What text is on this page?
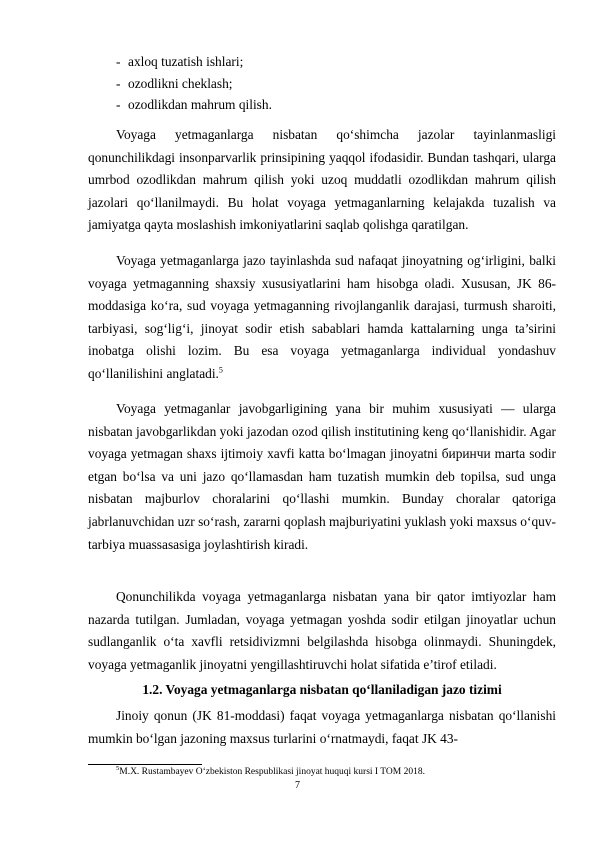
- axloq tuzatish ishlari;
- ozodlikni cheklash;
- ozodlikdan mahrum qilish.
Voyaga yetmaganlarga nisbatan qo‘shimcha jazolar tayinlanmasligi qonunchilikdagi insonparvarlik prinsipining yaqqol ifodasidir. Bundan tashqari, ularga umrbod ozodlikdan mahrum qilish yoki uzoq muddatli ozodlikdan mahrum qilish jazolari qo‘llanilmaydi. Bu holat voyaga yetmaganlarning kelajakda tuzalish va jamiyatga qayta moslashish imkoniyatlarini saqlab qolishga qaratilgan.
Voyaga yetmaganlarga jazo tayinlashda sud nafaqat jinoyatning og‘irligini, balki voyaga yetmaganning shaxsiy xususiyatlarini ham hisobga oladi. Xususan, JK 86-moddasiga ko‘ra, sud voyaga yetmaganning rivojlanganlik darajasi, turmush sharoiti, tarbiyasi, sog‘lig‘i, jinoyat sodir etish sabablari hamda kattalarning unga ta’sirini inobatga olishi lozim. Bu esa voyaga yetmaganlarga individual yondashuv qo‘llanilishini anglatadi.$^5$
Voyaga yetmaganlar javobgarligining yana bir muhim xususiyati — ularga nisbatan javobgarlikdan yoki jazodan ozod qilish institutining keng qo‘llanishidir. Agar voyaga yetmagan shaxs ijtimoiy xavfi katta bo‘lmagan jinoyatni биринчи marta sodir etgan bo‘lsa va uni jazo qo‘llamasdan ham tuzatish mumkin deb topilsa, sud unga nisbatan majburlov choralarini qo‘llashi mumkin. Bunday choralar qatoriga jabrlanuvchidan uzr so‘rash, zararni qoplash majburiyatini yuklash yoki maxsus o‘quv-tarbiya muassasasiga joylashtirish kiradi.
Qonunchilikda voyaga yetmaganlarga nisbatan yana bir qator imtiyozlar ham nazarda tutilgan. Jumladan, voyaga yetmagan yoshda sodir etilgan jinoyatlar uchun sudlanganlik o‘ta xavfli retsidivizmni belgilashda hisobga olinmaydi. Shuningdek, voyaga yetmaganlik jinoyatni yengillashtiruvchi holat sifatida e’tirof etiladi.
1.2. Voyaga yetmaganlarga nisbatan qo‘llaniladigan jazo tizimi
Jinoiy qonun (JK 81-moddasi) faqat voyaga yetmaganlarga nisbatan qo‘llanishi mumkin bo‘lgan jazoning maxsus turlarini o‘rnatmaydi, faqat JK 43-
$^5$M.X. Rustambayev O‘zbekiston Respublikasi jinoyat huquqi kursi I TOM 2018.
7
